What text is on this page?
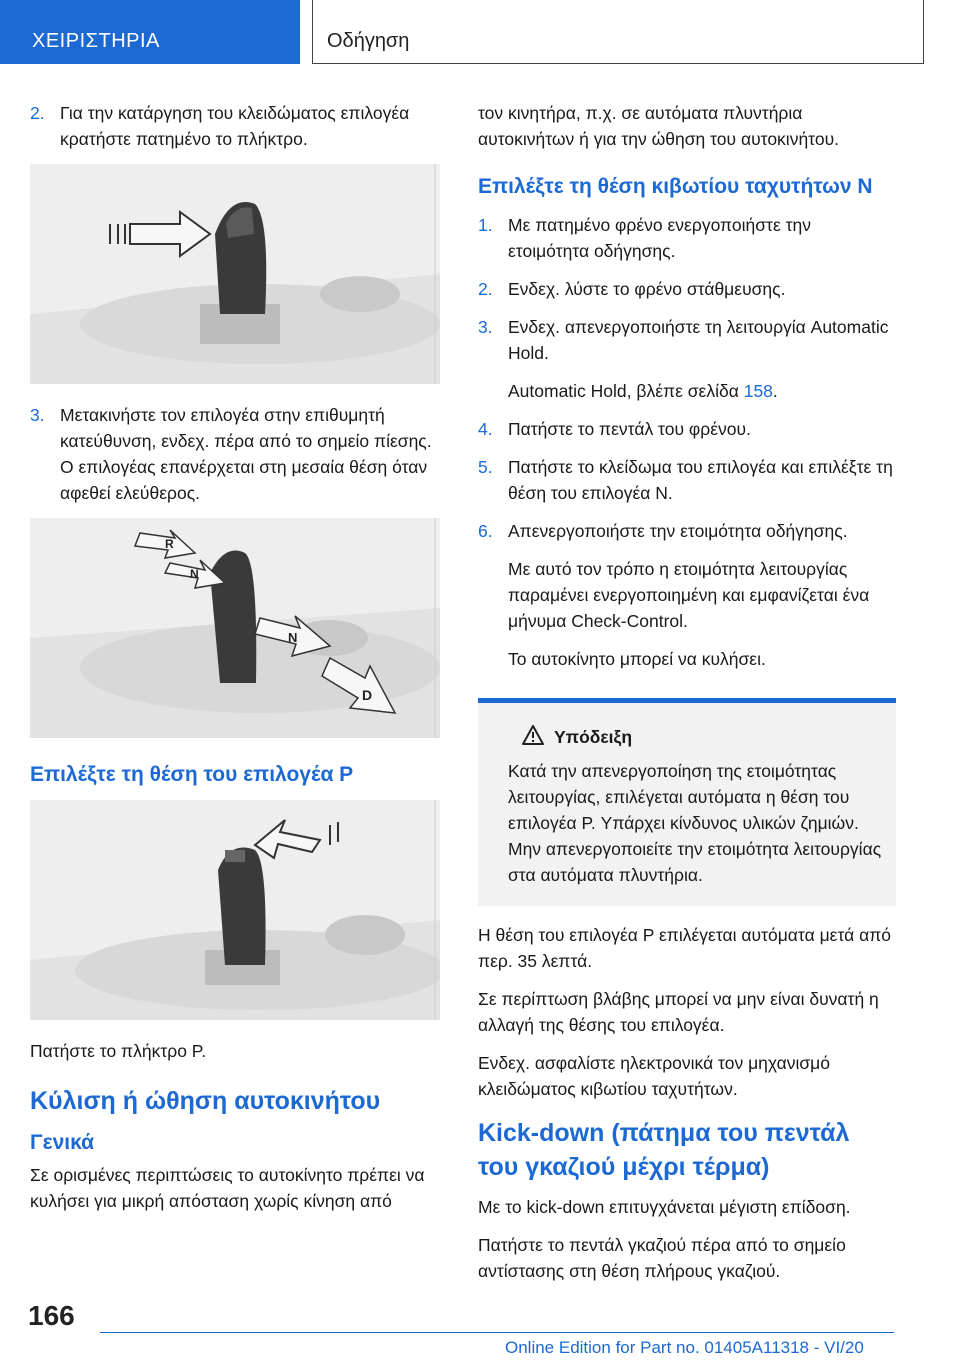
ΧΕΙΡΙΣΤΗΡΙΑ	Οδήγηση
2. Για την κατάργηση του κλειδώματος επιλογέα κρατήστε πατημένο το πλήκτρο.
3. Μετακινήστε τον επιλογέα στην επιθυμητή κατεύθυνση, ενδεχ. πέρα από το σημείο πίεσης. Ο επιλογέας επανέρχεται στη μεσαία θέση όταν αφεθεί ελεύθερος.
R
N
N
D
Επιλέξτε τη θέση του επιλογέα P
Πατήστε το πλήκτρο P.
Κύλιση ή ώθηση αυτοκινήτου
Γενικά
Σε ορισμένες περιπτώσεις το αυτοκίνητο πρέπει να κυλήσει για μικρή απόσταση χωρίς κίνηση από
τον κινητήρα, π.χ. σε αυτόματα πλυντήρια αυτοκινήτων ή για την ώθηση του αυτοκινήτου.
Επιλέξτε τη θέση κιβωτίου ταχυτήτων N
1. Με πατημένο φρένο ενεργοποιήστε την ετοιμότητα οδήγησης.
2. Ενδεχ. λύστε το φρένο στάθμευσης.
3. Ενδεχ. απενεργοποιήστε τη λειτουργία Automatic Hold.
Automatic Hold, βλέπε σελίδα 158.
4. Πατήστε το πεντάλ του φρένου.
5. Πατήστε το κλείδωμα του επιλογέα και επιλέξτε τη θέση του επιλογέα N.
6. Απενεργοποιήστε την ετοιμότητα οδήγησης.
Με αυτό τον τρόπο η ετοιμότητα λειτουργίας παραμένει ενεργοποιημένη και εμφανίζεται ένα μήνυμα Check-Control.
Το αυτοκίνητο μπορεί να κυλήσει.
Υπόδειξη

Κατά την απενεργοποίηση της ετοιμότητας λειτουργίας, επιλέγεται αυτόματα η θέση του επιλογέα P. Υπάρχει κίνδυνος υλικών ζημιών. Μην απενεργοποιείτε την ετοιμότητα λειτουργίας στα αυτόματα πλυντήρια.

Η θέση του επιλογέα P επιλέγεται αυτόματα μετά από περ. 35 λεπτά.
Σε περίπτωση βλάβης μπορεί να μην είναι δυνατή η αλλαγή της θέσης του επιλογέα.
Ενδεχ. ασφαλίστε ηλεκτρονικά τον μηχανισμό κλειδώματος κιβωτίου ταχυτήτων.
Kick-down (πάτημα του πεντάλ του γκαζιού μέχρι τέρμα)
Με το kick-down επιτυγχάνεται μέγιστη επίδοση.
Πατήστε το πεντάλ γκαζιού πέρα από το σημείο αντίστασης στη θέση πλήρους γκαζιού.
166
Online Edition for Part no. 01405A11318 - VI/20
